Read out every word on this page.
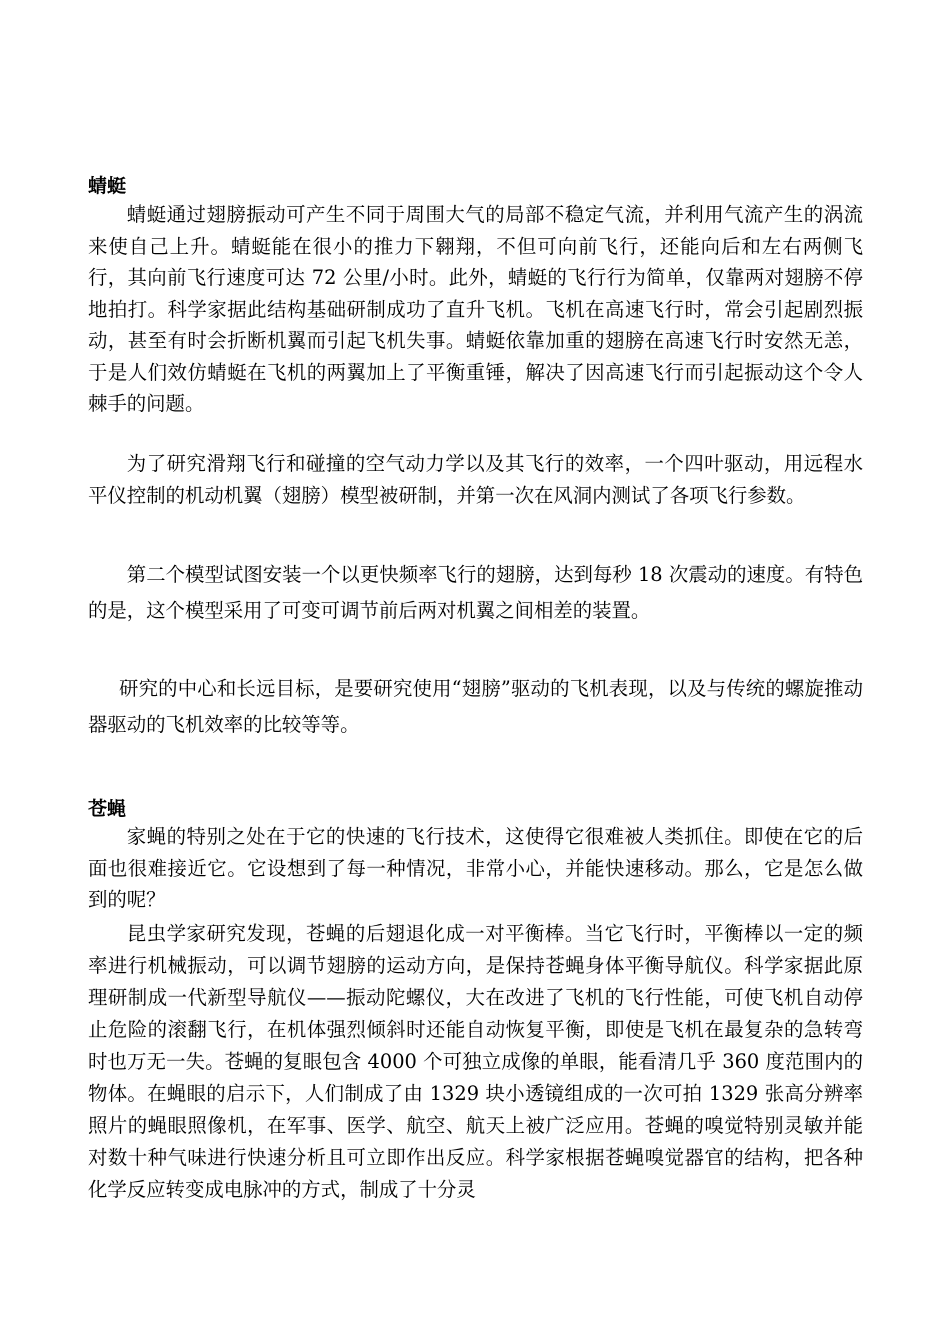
蜻蜓

蜻蜓通过翅膀振动可产生不同于周围大气的局部不稳定气流，并利用气流产生的涡流来使自己上升。蜻蜓能在很小的推力下翱翔，不但可向前飞行，还能向后和左右两侧飞行，其向前飞行速度可达 72 公里/小时。此外，蜻蜓的飞行行为简单，仅靠两对翅膀不停地拍打。科学家据此结构基础研制成功了直升飞机。飞机在高速飞行时，常会引起剧烈振动，甚至有时会折断机翼而引起飞机失事。蜻蜓依靠加重的翅膀在高速飞行时安然无恙，于是人们效仿蜻蜓在飞机的两翼加上了平衡重锤，解决了因高速飞行而引起振动这个令人棘手的问题。

为了研究滑翔飞行和碰撞的空气动力学以及其飞行的效率，一个四叶驱动，用远程水平仪控制的机动机翼（翅膀）模型被研制，并第一次在风洞内测试了各项飞行参数。

第二个模型试图安装一个以更快频率飞行的翅膀，达到每秒 18 次震动的速度。有特色的是，这个模型采用了可变可调节前后两对机翼之间相差的装置。

研究的中心和长远目标，是要研究使用“翅膀”驱动的飞机表现，以及与传统的螺旋推动器驱动的飞机效率的比较等等。

苍蝇

家蝇的特别之处在于它的快速的飞行技术，这使得它很难被人类抓住。即使在它的后面也很难接近它。它设想到了每一种情况，非常小心，并能快速移动。那么，它是怎么做到的呢？

昆虫学家研究发现，苍蝇的后翅退化成一对平衡棒。当它飞行时，平衡棒以一定的频率进行机械振动，可以调节翅膀的运动方向，是保持苍蝇身体平衡导航仪。科学家据此原理研制成一代新型导航仪——振动陀螺仪，大在改进了飞机的飞行性能，可使飞机自动停止危险的滚翻飞行，在机体强烈倾斜时还能自动恢复平衡，即使是飞机在最复杂的急转弯时也万无一失。苍蝇的复眼包含 4000 个可独立成像的单眼，能看清几乎 360 度范围内的物体。在蝇眼的启示下，人们制成了由 1329 块小透镜组成的一次可拍 1329 张高分辨率照片的蝇眼照像机，在军事、医学、航空、航天上被广泛应用。苍蝇的嗅觉特别灵敏并能对数十种气味进行快速分析且可立即作出反应。科学家根据苍蝇嗅觉器官的结构，把各种化学反应转变成电脉冲的方式，制成了十分灵
